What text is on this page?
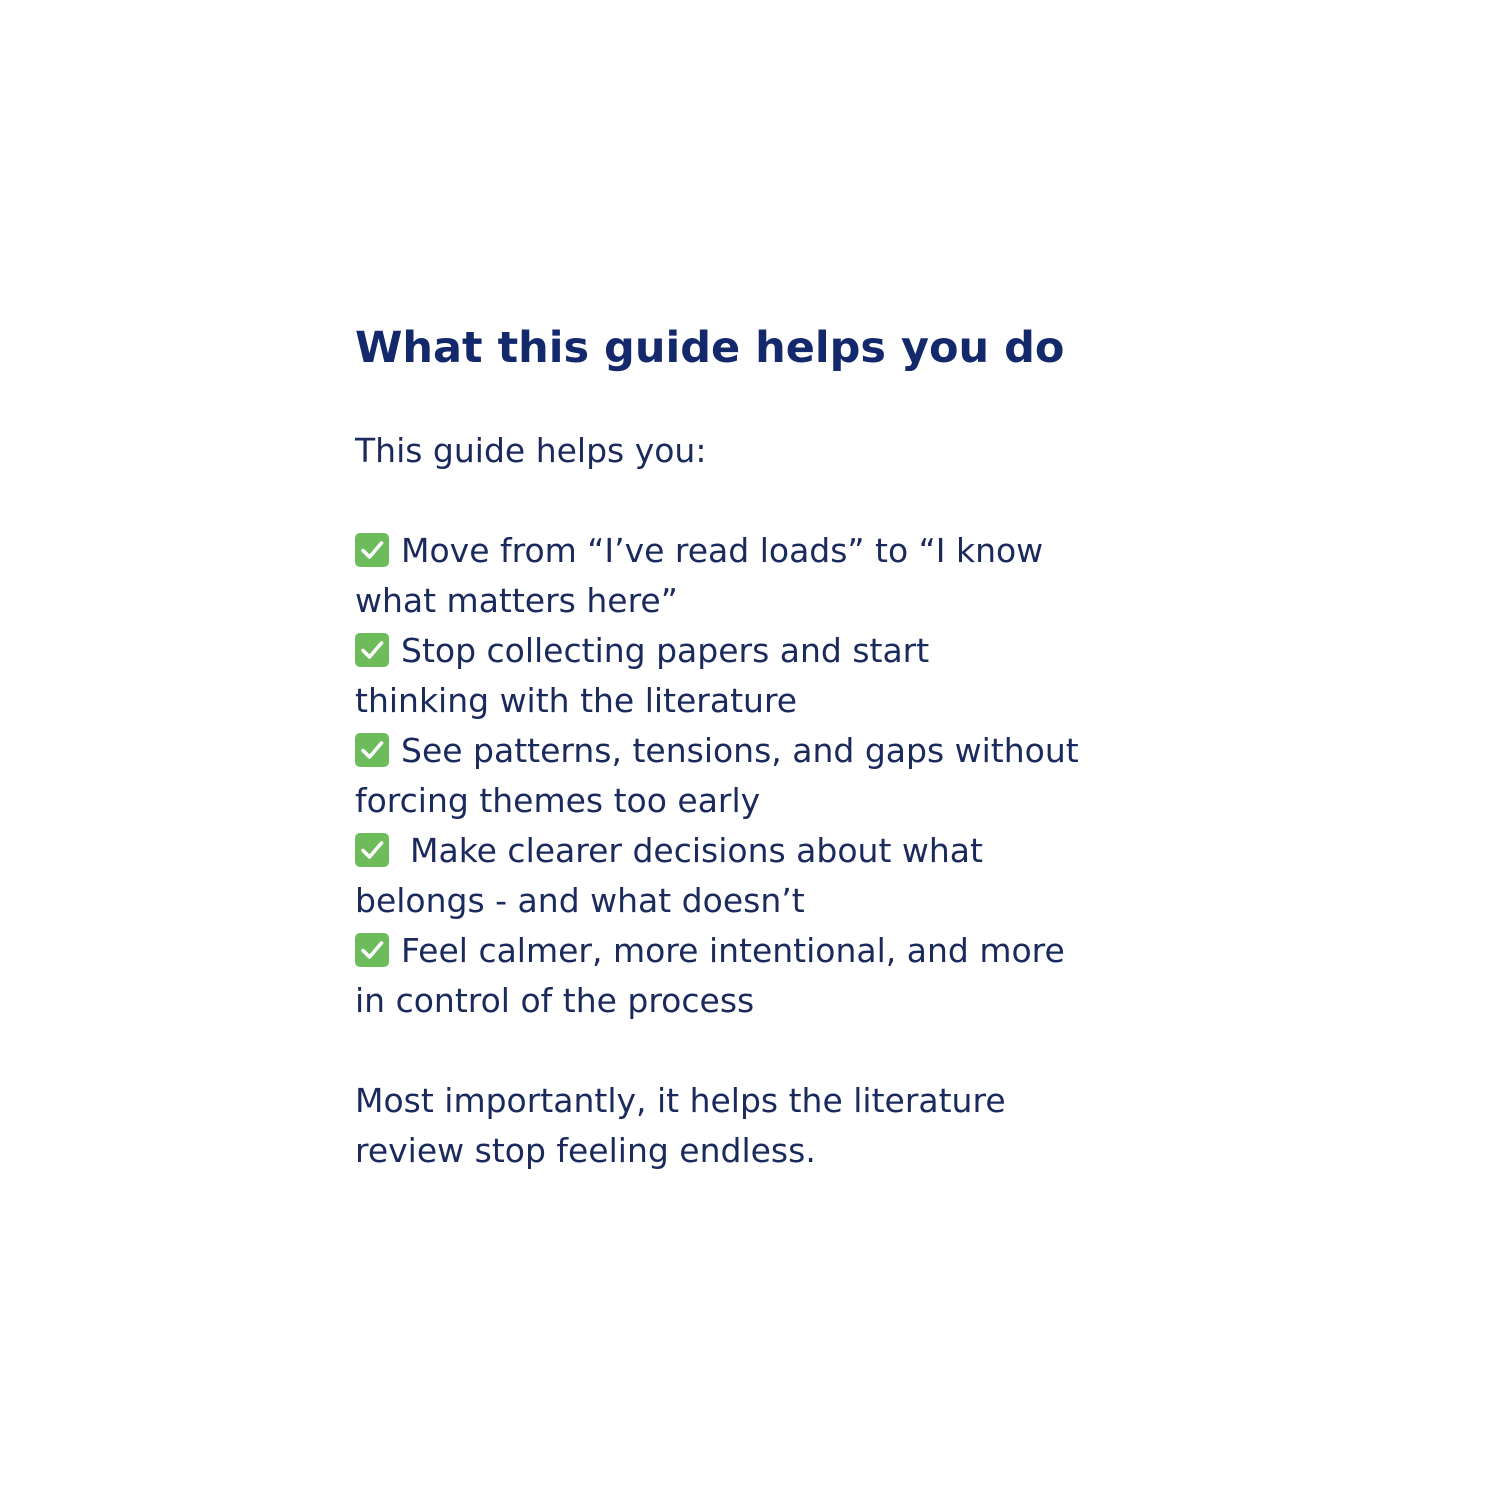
What this guide helps you do

This guide helps you:

Move from “I’ve read loads” to “I know
what matters here”
Stop collecting papers and start
thinking with the literature
See patterns, tensions, and gaps without
forcing themes too early
Make clearer decisions about what
belongs - and what doesn’t
Feel calmer, more intentional, and more
in control of the process

Most importantly, it helps the literature
review stop feeling endless.
